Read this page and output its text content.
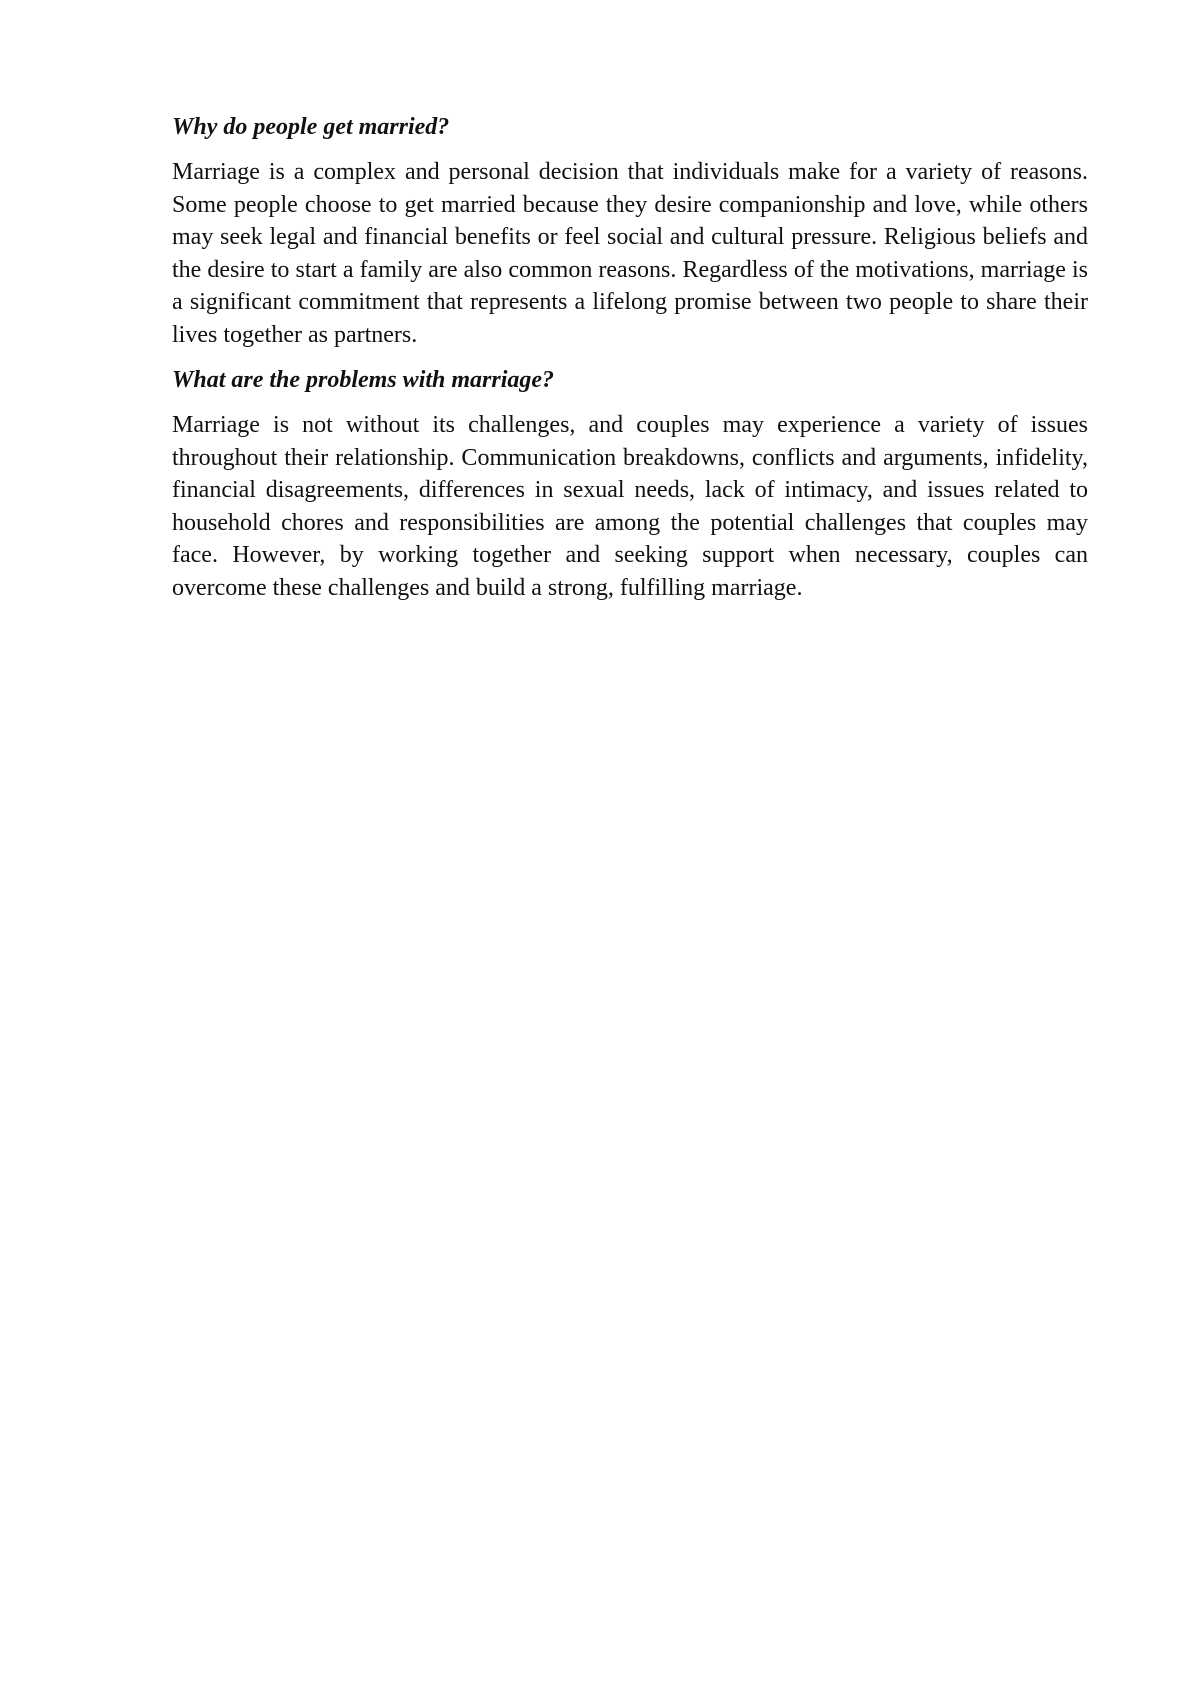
Why do people get married?

Marriage is a complex and personal decision that individuals make for a variety of reasons. Some people choose to get married because they desire companionship and love, while others may seek legal and financial benefits or feel social and cultural pressure. Religious beliefs and the desire to start a family are also common reasons. Regardless of the motivations, marriage is a significant commitment that represents a lifelong promise between two people to share their lives together as partners.

What are the problems with marriage?

Marriage is not without its challenges, and couples may experience a variety of issues throughout their relationship. Communication breakdowns, conflicts and arguments, infidelity, financial disagreements, differences in sexual needs, lack of intimacy, and issues related to household chores and responsibilities are among the potential challenges that couples may face. However, by working together and seeking support when necessary, couples can overcome these challenges and build a strong, fulfilling marriage.
